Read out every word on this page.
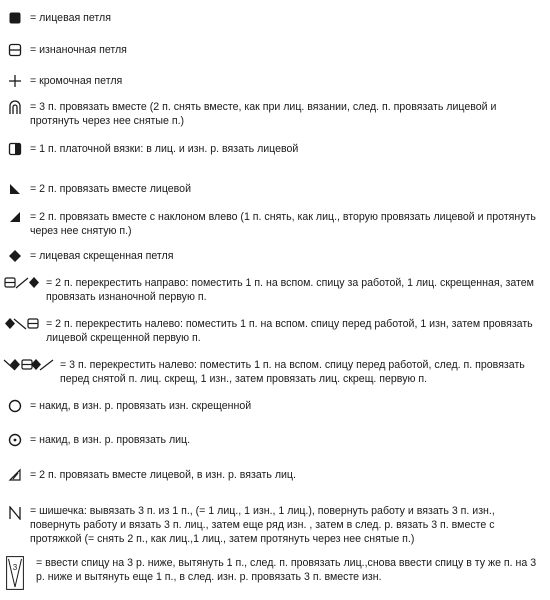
= лицевая петля
= изнаночная петля
= кромочная петля
= 3 п. провязать вместе (2 п. снять вместе, как при лиц. вязании, след. п. провязать лицевой и протянуть через нее снятые п.)
= 1 п. платочной вязки: в лиц. и изн. р. вязать лицевой
= 2 п. провязать вместе лицевой
= 2 п. провязать вместе с наклоном влево (1 п. снять, как лиц., вторую провязать лицевой и протянуть через нее снятую п.)
= лицевая скрещенная петля
= 2 п. перекрестить направо: поместить 1 п. на вспом. спицу за работой, 1 лиц. скрещенная, затем провязать изнаночной первую п.
= 2 п. перекрестить налево: поместить 1 п. на вспом. спицу перед работой, 1 изн, затем провязать лицевой скрещенной первую п.
= 3 п. перекрестить налево: поместить 1 п. на вспом. спицу перед работой, след. п. провязать перед снятой п. лиц. скрещ, 1 изн., затем провязать лиц. скрещ. первую п.
= накид, в изн. р. провязать изн. скрещенной
= накид, в изн. р. провязать лиц.
= 2 п. провязать вместе лицевой, в изн. р. вязать лиц.
= шишечка: вывязать 3 п. из 1 п., (= 1 лиц., 1 изн., 1 лиц.), повернуть работу и вязать 3 п. изн., повернуть работу и вязать 3 п. лиц., затем еще ряд изн. , затем в след. р. вязать 3 п. вместе с протяжкой (= снять 2 п., как лиц.,1 лиц., затем протянуть через нее снятые п.)
3 = ввести спицу на 3 р. ниже, вытянуть 1 п., след. п. провязать лиц.,снова ввести спицу в ту же п. на 3 р. ниже и вытянуть еще 1 п., в след. изн. р. провязать 3 п. вместе изн.
